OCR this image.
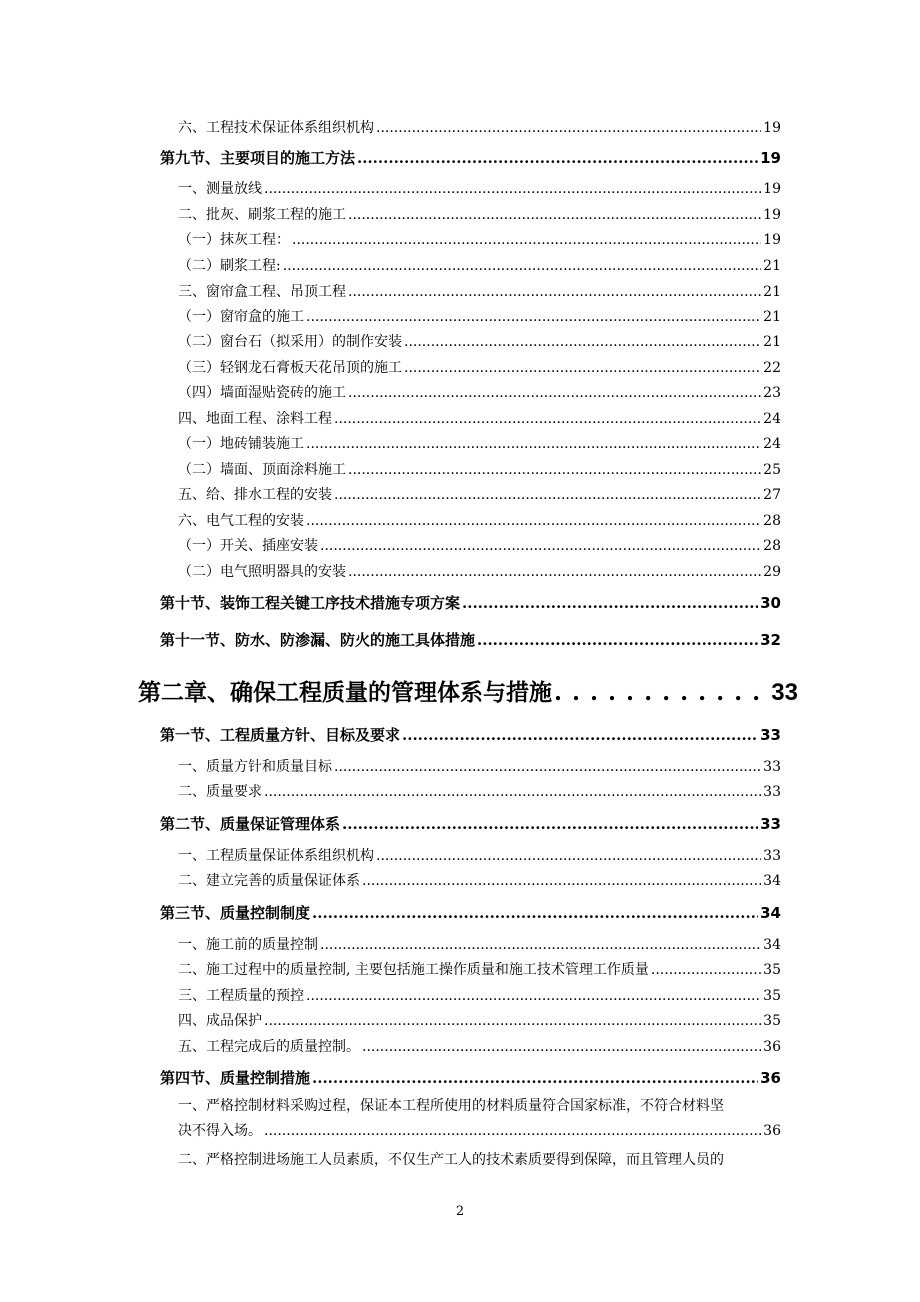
六、工程技术保证体系组织机构 .....	19
第九节、主要项目的施工方法 .....	19
一、测量放线 .....	19
二、批灰、刷浆工程的施工 .....	19
（一）抹灰工程： .....	19
（二）刷浆工程: .....	21
三、窗帘盒工程、吊顶工程 .....	21
（一）窗帘盒的施工 .....	21
（二）窗台石（拟采用）的制作安装 .....	21
（三）轻钢龙石膏板天花吊顶的施工 .....	22
（四）墙面湿贴瓷砖的施工 .....	23
四、地面工程、涂料工程 .....	24
（一）地砖铺装施工 .....	24
（二）墙面、顶面涂料施工 .....	25
五、给、排水工程的安装 .....	27
六、电气工程的安装 .....	28
（一）开关、插座安装 .....	28
（二）电气照明器具的安装 .....	29
第十节、装饰工程关键工序技术措施专项方案 .....	30
第十一节、防水、防渗漏、防火的施工具体措施 .....	32
第二章、确保工程质量的管理体系与措施 . . .	33
第一节、工程质量方针、目标及要求 .....	33
一、质量方针和质量目标 .....	33
二、质量要求 .....	33
第二节、质量保证管理体系 .....	33
一、工程质量保证体系组织机构 .....	33
二、建立完善的质量保证体系 .....	34
第三节、质量控制制度 .....	34
一、施工前的质量控制 .....	34
二、施工过程中的质量控制, 主要包括施工操作质量和施工技术管理工作质量 .....	35
三、工程质量的预控 .....	35
四、成品保护 .....	35
五、工程完成后的质量控制。 .....	36
第四节、质量控制措施 .....	36
一、严格控制材料采购过程，保证本工程所使用的材料质量符合国家标准，不符合材料坚
决不得入场。 .....	36
二、严格控制进场施工人员素质，不仅生产工人的技术素质要得到保障，而且管理人员的
2
